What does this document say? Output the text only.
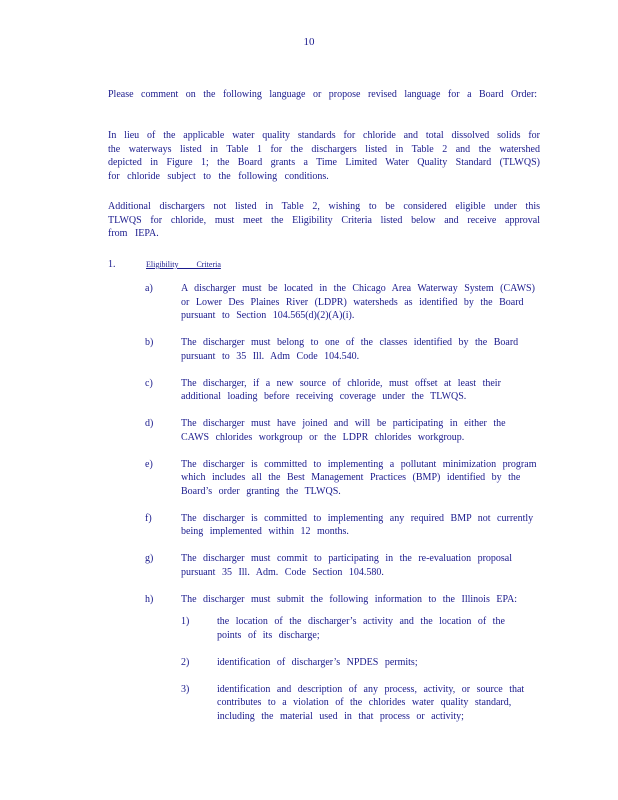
10

Please comment on the following language or propose revised language for a Board Order:

In lieu of the applicable water quality standards for chloride and total dissolved solids for the waterways listed in Table 1 for the dischargers listed in Table 2 and the watershed depicted in Figure 1; the Board grants a Time Limited Water Quality Standard (TLWQS) for chloride subject to the following conditions.

Additional dischargers not listed in Table 2, wishing to be considered eligible under this TLWQS for chloride, must meet the Eligibility Criteria listed below and receive approval from IEPA.

1.	Eligibility Criteria
a)	A discharger must be located in the Chicago Area Waterway System (CAWS) or Lower Des Plaines River (LDPR) watersheds as identified by the Board pursuant to Section 104.565(d)(2)(A)(i).
b)	The discharger must belong to one of the classes identified by the Board pursuant to 35 Ill. Adm Code 104.540.
c)	The discharger, if a new source of chloride, must offset at least their additional loading before receiving coverage under the TLWQS.
d)	The discharger must have joined and will be participating in either the CAWS chlorides workgroup or the LDPR chlorides workgroup.
e)	The discharger is committed to implementing a pollutant minimization program which includes all the Best Management Practices (BMP) identified by the Board’s order granting the TLWQS.
f)	The discharger is committed to implementing any required BMP not currently being implemented within 12 months.
g)	The discharger must commit to participating in the re-evaluation proposal pursuant 35 Ill. Adm. Code Section 104.580.
h)	The discharger must submit the following information to the Illinois EPA:
1)	the location of the discharger’s activity and the location of the points of its discharge;
2)	identification of discharger’s NPDES permits;
3)	identification and description of any process, activity, or source that contributes to a violation of the chlorides water quality standard, including the material used in that process or activity;
